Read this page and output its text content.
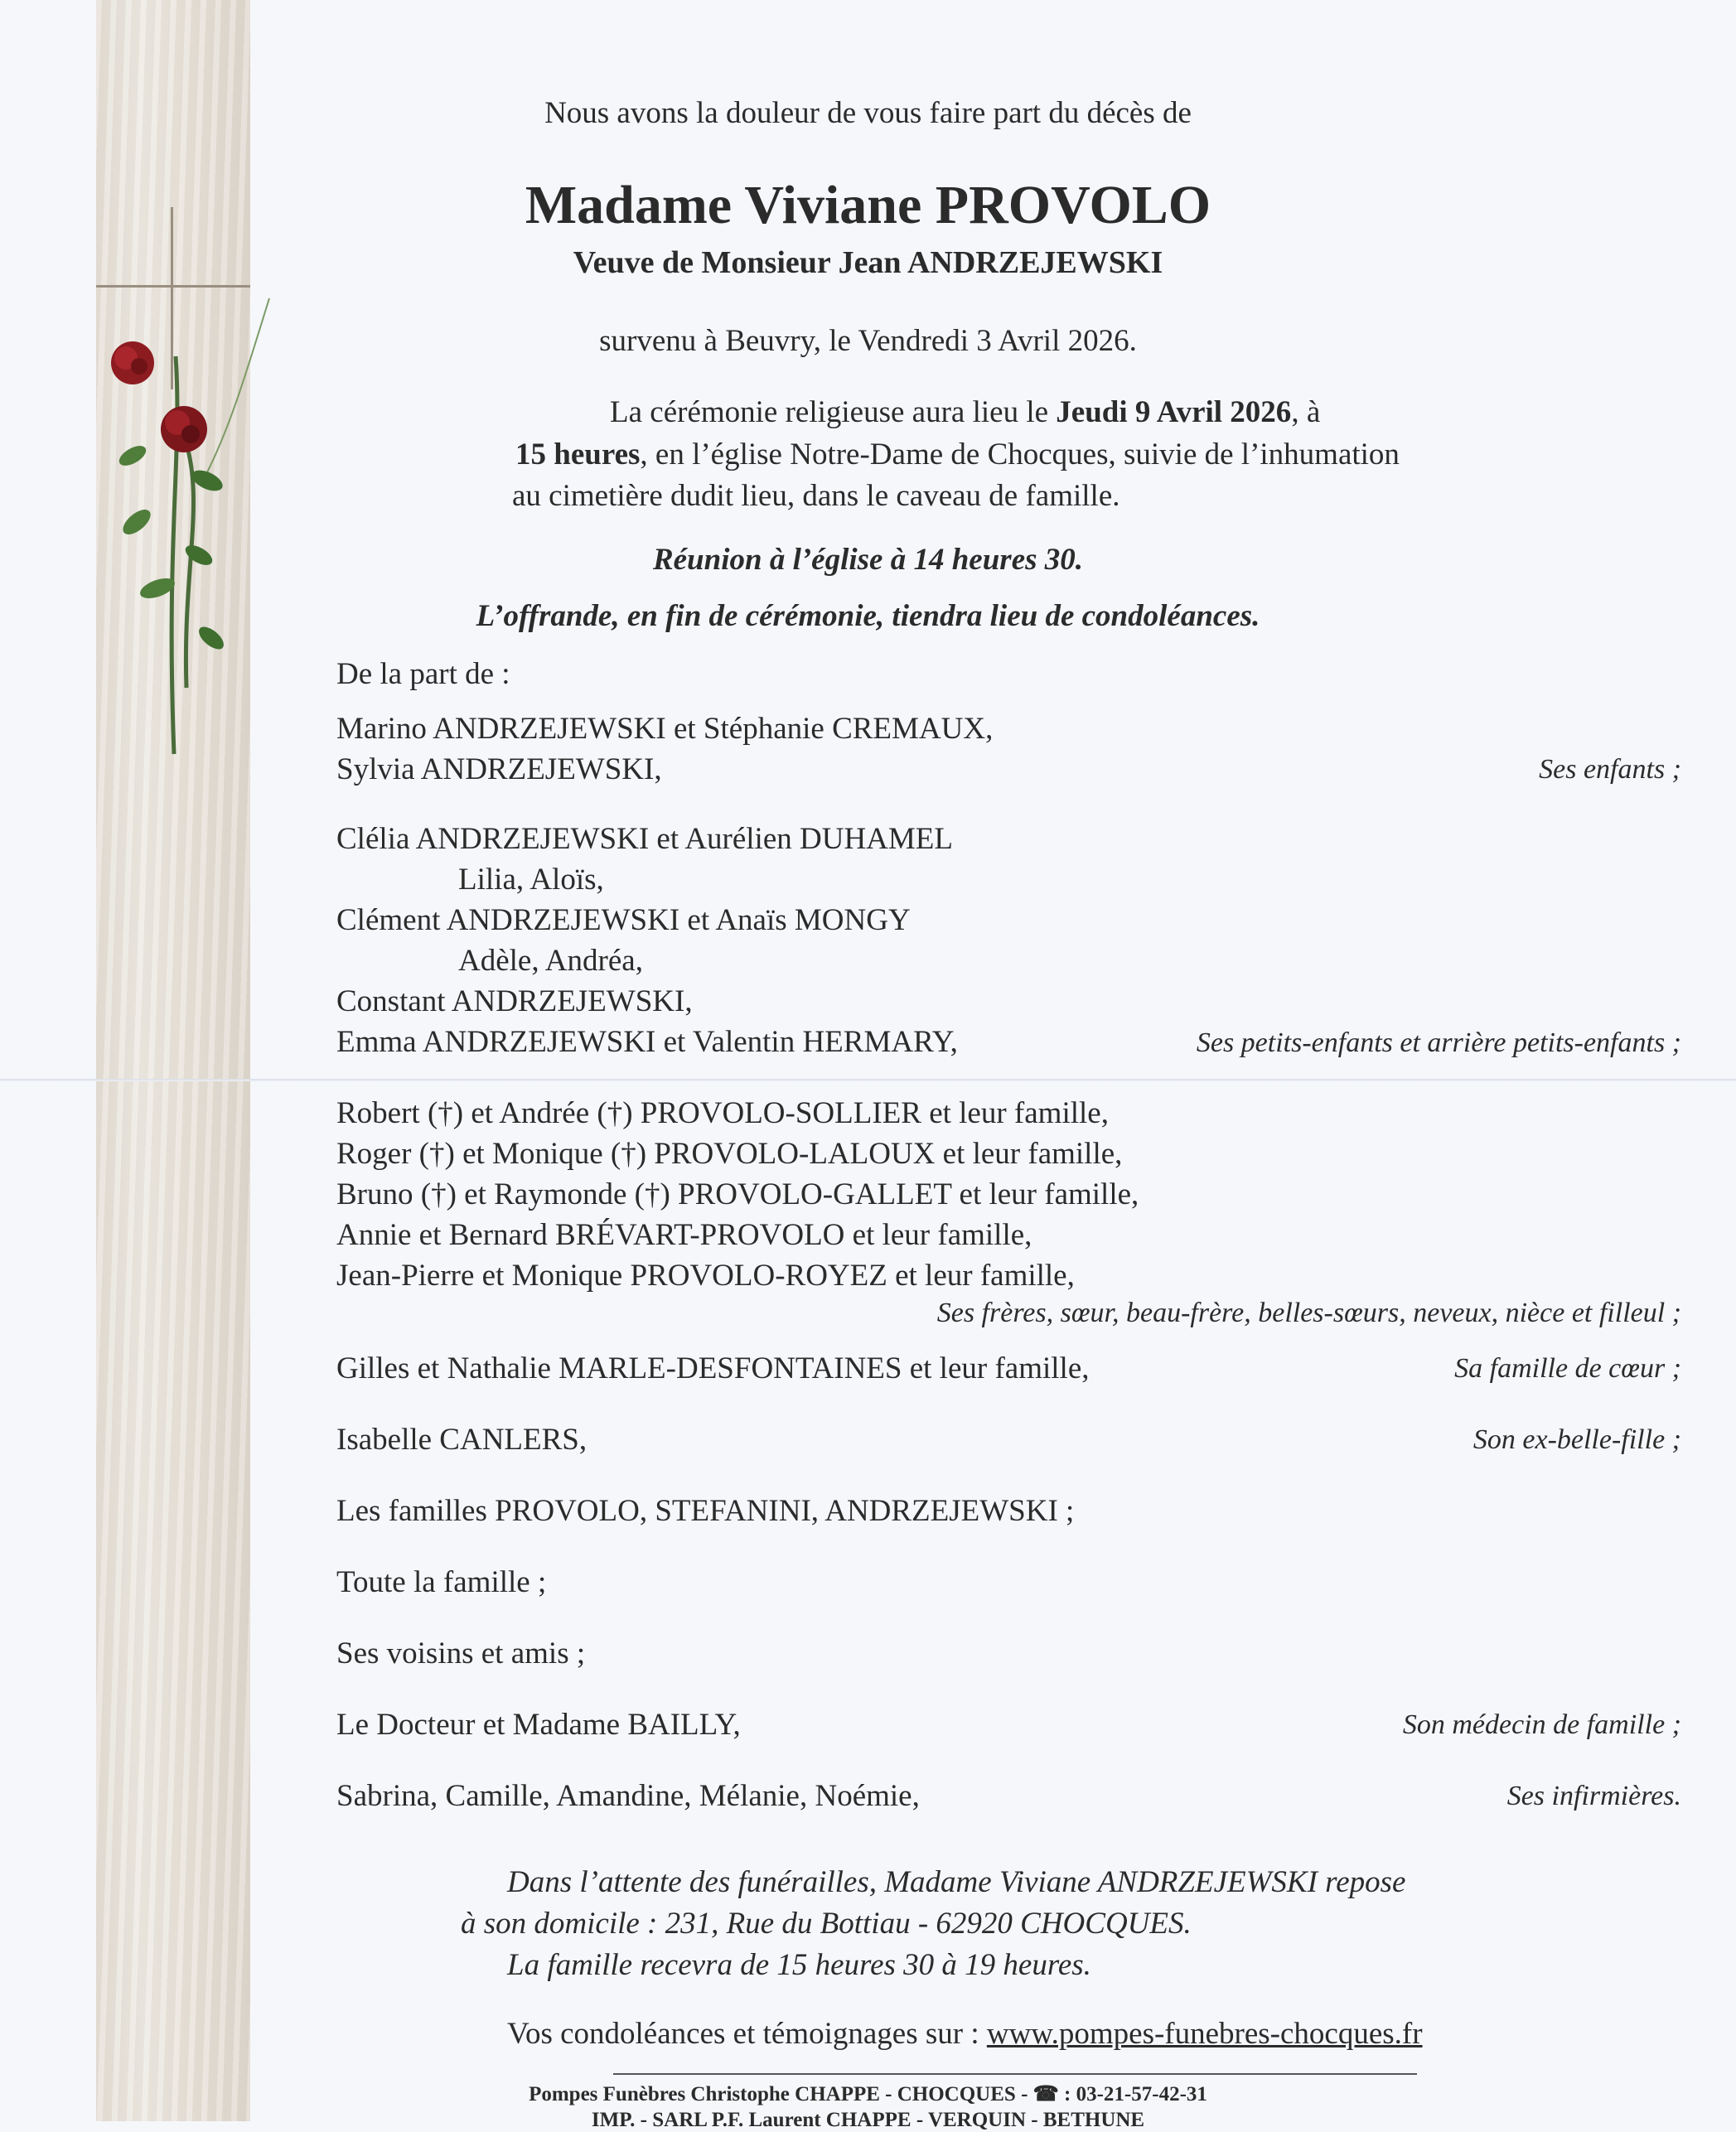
Nous avons la douleur de vous faire part du décès de
Madame Viviane PROVOLO
Veuve de Monsieur Jean ANDRZEJEWSKI
survenu à Beuvry, le Vendredi 3 Avril 2026.
La cérémonie religieuse aura lieu le Jeudi 9 Avril 2026, à
15 heures, en l’église Notre-Dame de Chocques, suivie de l’inhumation
au cimetière dudit lieu, dans le caveau de famille.
Réunion à l’église à 14 heures 30.
L’offrande, en fin de cérémonie, tiendra lieu de condoléances.
De la part de :
Marino ANDRZEJEWSKI et Stéphanie CREMAUX,
Sylvia ANDRZEJEWSKI,	Ses enfants ;
Clélia ANDRZEJEWSKI et Aurélien DUHAMEL
Lilia, Aloïs,
Clément ANDRZEJEWSKI et Anaïs MONGY
Adèle, Andréa,
Constant ANDRZEJEWSKI,
Emma ANDRZEJEWSKI et Valentin HERMARY,	Ses petits-enfants et arrière petits-enfants ;
Robert (†) et Andrée (†) PROVOLO-SOLLIER et leur famille,
Roger (†) et Monique (†) PROVOLO-LALOUX et leur famille,
Bruno (†) et Raymonde (†) PROVOLO-GALLET et leur famille,
Annie et Bernard BRÉVART-PROVOLO et leur famille,
Jean-Pierre et Monique PROVOLO-ROYEZ et leur famille,
Ses frères, sœur, beau-frère, belles-sœurs, neveux, nièce et filleul ;
Gilles et Nathalie MARLE-DESFONTAINES et leur famille,	Sa famille de cœur ;
Isabelle CANLERS,	Son ex-belle-fille ;
Les familles PROVOLO, STEFANINI, ANDRZEJEWSKI ;
Toute la famille ;
Ses voisins et amis ;
Le Docteur et Madame BAILLY,	Son médecin de famille ;
Sabrina, Camille, Amandine, Mélanie, Noémie,	Ses infirmières.
Dans l’attente des funérailles, Madame Viviane ANDRZEJEWSKI repose
à son domicile : 231, Rue du Bottiau - 62920 CHOCQUES.
La famille recevra de 15 heures 30 à 19 heures.
Vos condoléances et témoignages sur : www.pompes-funebres-chocques.fr
Pompes Funèbres Christophe CHAPPE - CHOCQUES - ☎ : 03-21-57-42-31
IMP. - SARL P.F. Laurent CHAPPE - VERQUIN - BETHUNE
